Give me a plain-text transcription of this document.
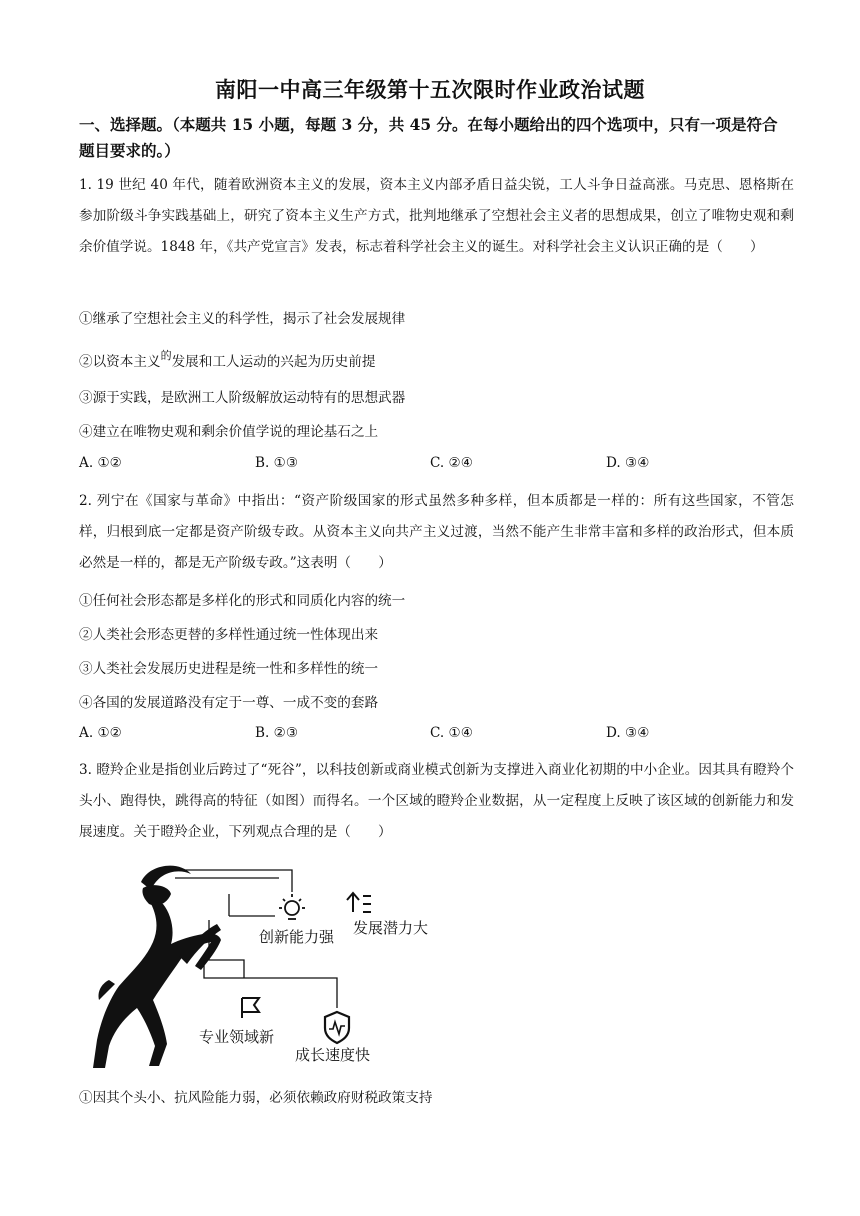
南阳一中高三年级第十五次限时作业政治试题
一、选择题。（本题共 15 小题，每题 3 分，共 45 分。在每小题给出的四个选项中，只有一项是符合题目要求的。）
1. 19 世纪 40 年代，随着欧洲资本主义的发展，资本主义内部矛盾日益尖锐，工人斗争日益高涨。马克思、恩格斯在参加阶级斗争实践基础上，研究了资本主义生产方式，批判地继承了空想社会主义者的思想成果，创立了唯物史观和剩余价值学说。1848 年，《共产党宣言》发表，标志着科学社会主义的诞生。对科学社会主义认识正确的是（　　）
①继承了空想社会主义的科学性，揭示了社会发展规律
②以资本主义$^的$发展和工人运动的兴起为历史前提
③源于实践，是欧洲工人阶级解放运动特有的思想武器
④建立在唯物史观和剩余价值学说的理论基石之上
A. ①②	B. ①③	C. ②④	D. ③④
2. 列宁在《国家与革命》中指出：“资产阶级国家的形式虽然多种多样，但本质都是一样的：所有这些国家，不管怎样，归根到底一定都是资产阶级专政。从资本主义向共产主义过渡，当然不能产生非常丰富和多样的政治形式，但本质必然是一样的，都是无产阶级专政。”这表明（　　）
①任何社会形态都是多样化的形式和同质化内容的统一
②人类社会形态更替的多样性通过统一性体现出来
③人类社会发展历史进程是统一性和多样性的统一
④各国的发展道路没有定于一尊、一成不变的套路
A. ①②	B. ②③	C. ①④	D. ③④
3. 瞪羚企业是指创业后跨过了“死谷”，以科技创新或商业模式创新为支撑进入商业化初期的中小企业。因其具有瞪羚个头小、跑得快，跳得高的特征（如图）而得名。一个区域的瞪羚企业数据，从一定程度上反映了该区域的创新能力和发展速度。关于瞪羚企业，下列观点合理的是（　　）
创新能力强 发展潜力大
专业领域新
成长速度快
①因其个头小、抗风险能力弱，必须依赖政府财税政策支持
